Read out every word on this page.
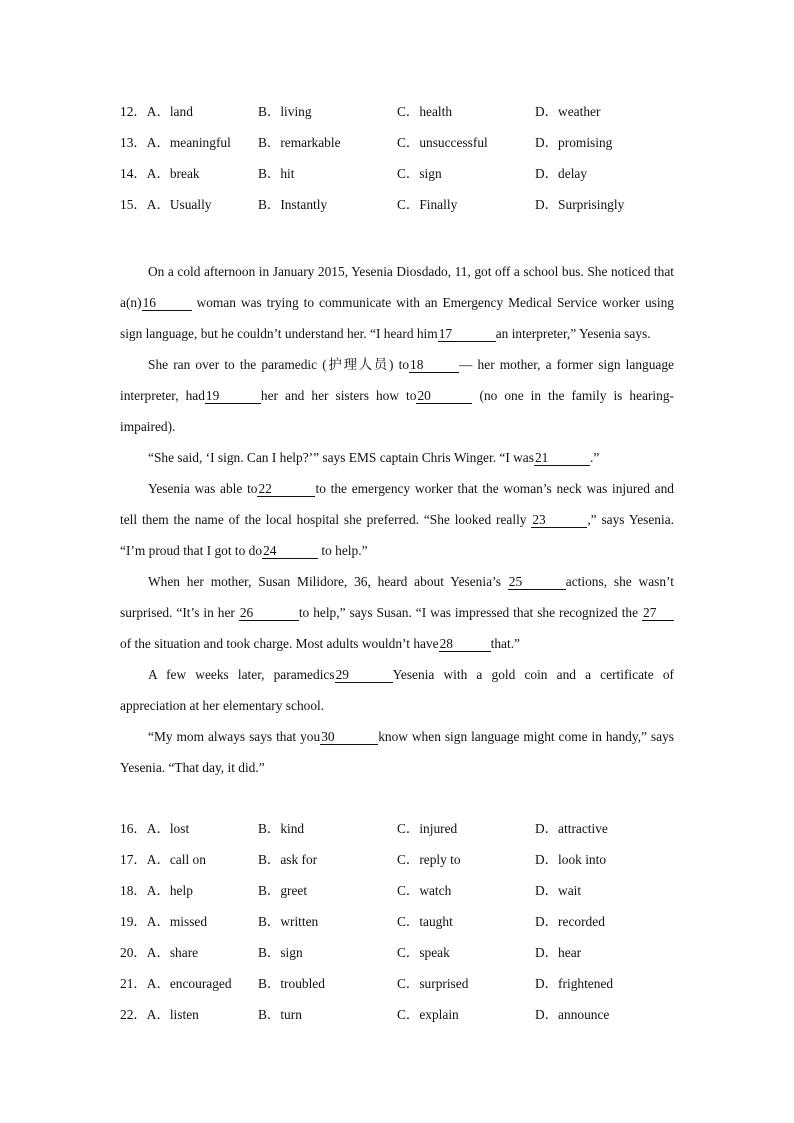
12．A．land	B．living	C．health	D．weather
13．A．meaningful B．remarkable	C．unsuccessful	D．promising
14．A．break	B．hit	C．sign	D．delay
15．A．Usually	B．Instantly	C．Finally	D．Surprisingly

On a cold afternoon in January 2015, Yesenia Diosdado, 11, got off a school bus. She noticed that a(n)16	woman was trying to communicate with an Emergency Medical Service worker using sign language, but he couldn’t understand her. “I heard him17	an interpreter,” Yesenia says.

She ran over to the paramedic (护理人员) to18	— her mother, a former sign language interpreter, had19	her and her sisters how to20	(no one in the family is hearing-impaired).

“She said, ‘I sign. Can I help?’” says EMS captain Chris Winger. “I was21	.”

Yesenia was able to22	to the emergency worker that the woman’s neck was injured and tell them the name of the local hospital she preferred. “She looked really 23	,” says Yesenia. “I’m proud that I got to do24	to help.”

When her mother, Susan Milidore, 36, heard about Yesenia’s 25	actions, she wasn’t surprised. “It’s in her 26	to help,” says Susan. “I was impressed that she recognized the 27of the situation and took charge. Most adults wouldn’t have28	that.”

A few weeks later, paramedics29	Yesenia with a gold coin and a certificate of appreciation at her elementary school.

“My mom always says that you30	know when sign language might come in handy,” says Yesenia. “That day, it did.”

16．A．lost	B．kind	C．injured	D．attractive
17．A．call on	B．ask for	C．reply to	D．look into
18．A．help	B．greet	C．watch	D．wait
19．A．missed	B．written	C．taught	D．recorded
20．A．share	B．sign	C．speak	D．hear
21．A．encouraged B．troubled	C．surprised	D．frightened
22．A．listen	B．turn	C．explain	D．announce
